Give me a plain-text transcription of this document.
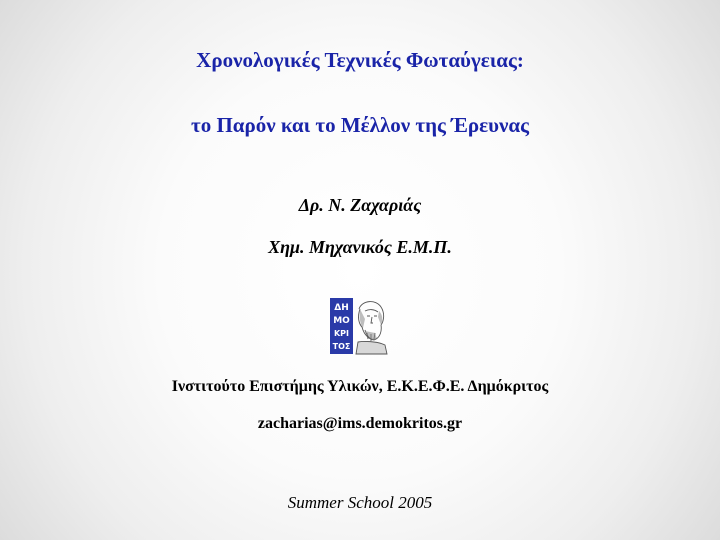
Χρονολογικές Τεχνικές Φωταύγειας:
το Παρόν και το Μέλλον της Έρευνας
Δρ. Ν. Ζαχαριάς
Χημ. Μηχανικός Ε.Μ.Π.
ΔΗ
ΜΟ
ΚΡΙ
ΤΟΣ
Ινστιτούτο Επιστήμης Υλικών, Ε.Κ.Ε.Φ.Ε. Δημόκριτος
zacharias@ims.demokritos.gr
Summer School 2005
